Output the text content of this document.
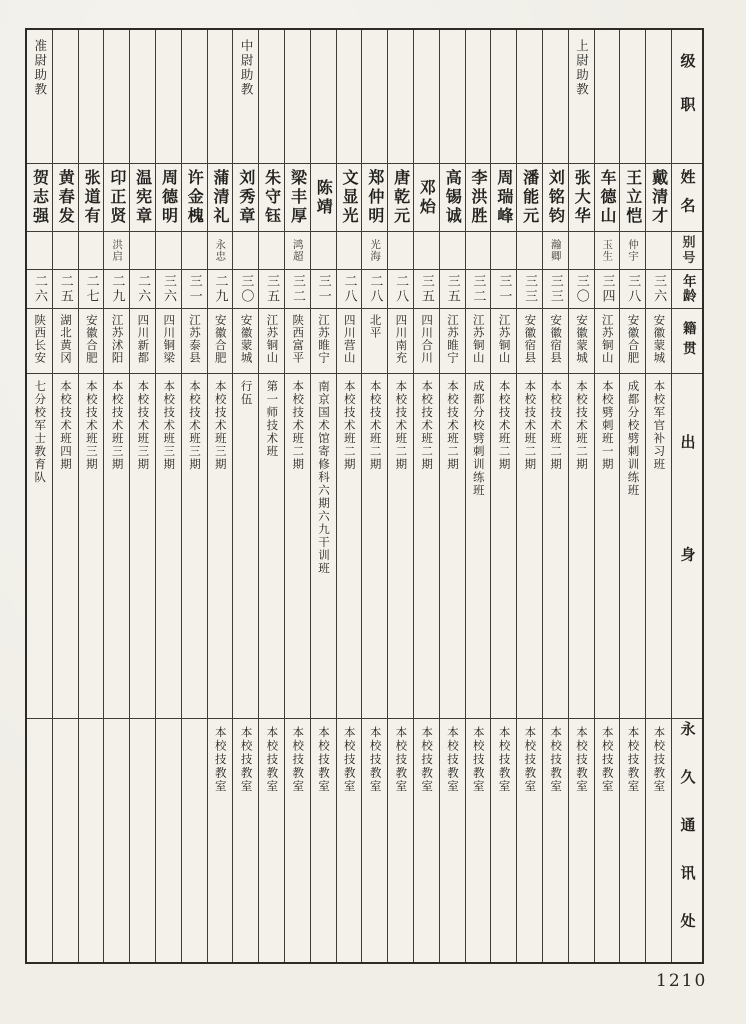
级职
姓名
别号
年龄
籍贯
出身
永久通讯处
戴清才
三六
安徽蒙城
本校军官补习班
本校技教室
王立恺
仲宇
三八
安徽合肥
成都分校劈刺训练班
本校技教室
车德山
玉生
三四
江苏铜山
本校劈刺班一期
本校技教室
上尉助教
张大华
三〇
安徽蒙城
本校技术班二期
本校技教室
刘铭钧
瀚卿
三三
安徽宿县
本校技术班二期
本校技教室
潘能元
三三
安徽宿县
本校技术班二期
本校技教室
周瑞峰
三一
江苏铜山
本校技术班二期
本校技教室
李洪胜
三二
江苏铜山
成都分校劈刺训练班
本校技教室
高锡诚
三五
江苏睢宁
本校技术班二期
本校技教室
邓炲
三五
四川合川
本校技术班二期
本校技教室
唐乾元
二八
四川南充
本校技术班二期
本校技教室
郑仲明
光海
二八
北平
本校技术班二期
本校技教室
文显光
二八
四川营山
本校技术班二期
本校技教室
陈靖
三一
江苏睢宁
南京国术馆寄修科六期六九干训班
本校技教室
梁丰厚
鸿超
三二
陕西富平
本校技术班二期
本校技教室
朱守钰
三五
江苏铜山
第一师技术班
本校技教室
中尉助教
刘秀章
三〇
安徽蒙城
行伍
本校技教室
蒲清礼
永忠
二九
安徽合肥
本校技术班三期
本校技教室
许金槐
三一
江苏泰县
本校技术班三期
周德明
三六
四川铜梁
本校技术班三期
温宪章
二六
四川新都
本校技术班三期
印正贤
洪启
二九
江苏沭阳
本校技术班三期
张道有
二七
安徽合肥
本校技术班三期
黄春发
二五
湖北黄冈
本校技术班四期
准尉助教
贺志强
二六
陕西长安
七分校军士教育队
1210
